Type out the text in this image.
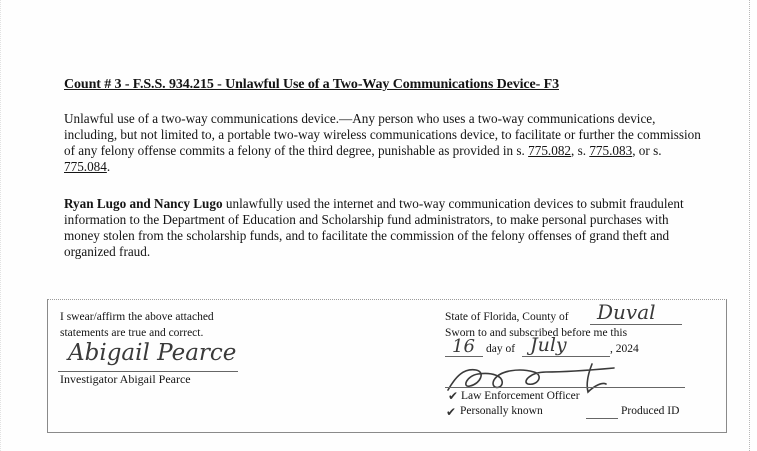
Count # 3 - F.S.S. 934.215 - Unlawful Use of a Two-Way Communications Device- F3
Unlawful use of a two-way communications device.—Any person who uses a two-way communications device, including, but not limited to, a portable two-way wireless communications device, to facilitate or further the commission of any felony offense commits a felony of the third degree, punishable as provided in s. 775.082, s. 775.083, or s. 775.084.
Ryan Lugo and Nancy Lugo unlawfully used the internet and two-way communication devices to submit fraudulent information to the Department of Education and Scholarship fund administrators, to make personal purchases with money stolen from the scholarship funds, and to facilitate the commission of the felony offenses of grand theft and organized fraud.
I swear/affirm the above attached
statements are true and correct.
Abigail Pearce
Investigator Abigail Pearce
State of Florida, County of Duval
Sworn to and subscribed before me this
16 day of July	, 2024
✔ Law Enforcement Officer
✔ Personally known	Produced ID
